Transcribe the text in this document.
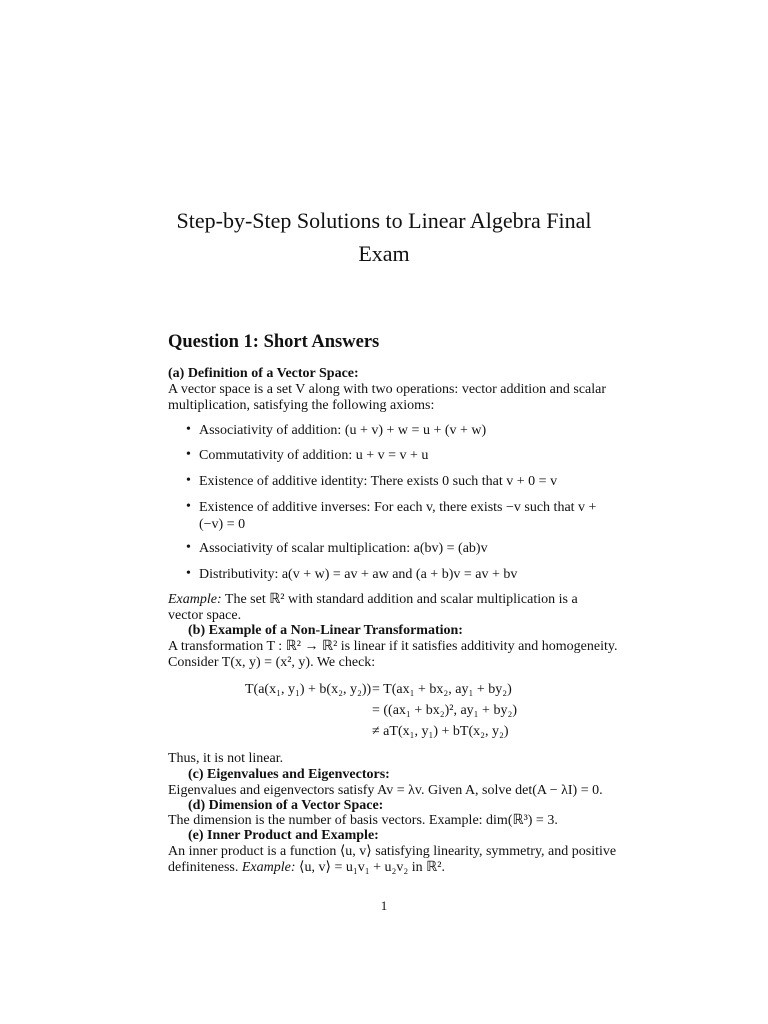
Step-by-Step Solutions to Linear Algebra Final Exam
Question 1: Short Answers
(a) Definition of a Vector Space:
A vector space is a set V along with two operations: vector addition and scalar
multiplication, satisfying the following axioms:
• Associativity of addition: (u + v) + w = u + (v + w)
• Commutativity of addition: u + v = v + u
• Existence of additive identity: There exists 0 such that v + 0 = v
• Existence of additive inverses: For each v, there exists −v such that v +
(−v) = 0
• Associativity of scalar multiplication: a(bv) = (ab)v
• Distributivity: a(v + w) = av + aw and (a + b)v = av + bv
Example: The set ℝ² with standard addition and scalar multiplication is a
vector space.
(b) Example of a Non-Linear Transformation:
A transformation T : ℝ² → ℝ² is linear if it satisfies additivity and homogeneity.
Consider T(x, y) = (x², y). We check:
T(a(x₁, y₁) + b(x₂, y₂)) = T(ax₁ + bx₂, ay₁ + by₂)
= ((ax₁ + bx₂)², ay₁ + by₂)
≠ aT(x₁, y₁) + bT(x₂, y₂)
Thus, it is not linear.
(c) Eigenvalues and Eigenvectors:
Eigenvalues and eigenvectors satisfy Av = λv. Given A, solve det(A − λI) = 0.
(d) Dimension of a Vector Space:
The dimension is the number of basis vectors. Example: dim(ℝ³) = 3.
(e) Inner Product and Example:
An inner product is a function ⟨u, v⟩ satisfying linearity, symmetry, and positive
definiteness. Example: ⟨u, v⟩ = u₁v₁ + u₂v₂ in ℝ².
1
